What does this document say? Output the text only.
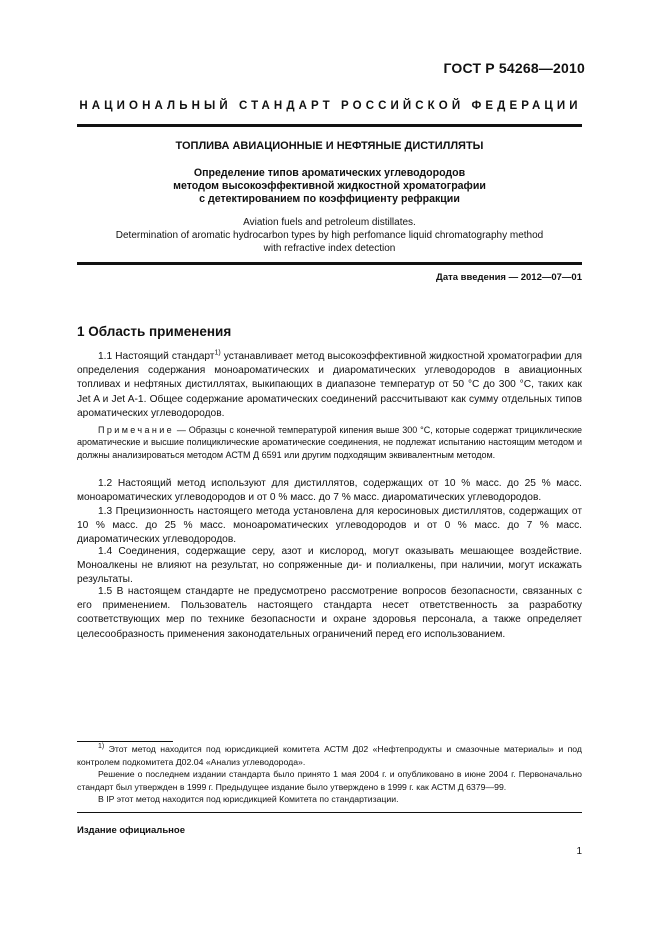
ГОСТ Р 54268—2010
НАЦИОНАЛЬНЫЙ СТАНДАРТ РОССИЙСКОЙ ФЕДЕРАЦИИ
ТОПЛИВА АВИАЦИОННЫЕ И НЕФТЯНЫЕ ДИСТИЛЛЯТЫ
Определение типов ароматических углеводородов
методом высокоэффективной жидкостной хроматографии
с детектированием по коэффициенту рефракции
Aviation fuels and petroleum distillates.
Determination of aromatic hydrocarbon types by high perfomance liquid chromatography method
with refractive index detection
Дата введения — 2012—07—01
1 Область применения

1.1 Настоящий стандарт$^{1)}$ устанавливает метод высокоэффективной жидкостной хроматографии для определения содержания моноароматических и диароматических углеводородов в авиационных топливах и нефтяных дистиллятах, выкипающих в диапазоне температур от 50 °С до 300 °С, таких как Jet A и Jet A-1. Общее содержание ароматических соединений рассчитывают как сумму отдельных типов ароматических углеводородов.

Примечание — Образцы с конечной температурой кипения выше 300 °С, которые содержат трициклические ароматические и высшие полициклические ароматические соединения, не подлежат испытанию настоящим методом и должны анализироваться методом АСТМ Д 6591 или другим подходящим эквивалентным методом.

1.2 Настоящий метод используют для дистиллятов, содержащих от 10 % масс. до 25 % масс. моноароматических углеводородов и от 0 % масс. до 7 % масс. диароматических углеводородов.

1.3 Прецизионность настоящего метода установлена для керосиновых дистиллятов, содержащих от 10 % масс. до 25 % масс. моноароматических углеводородов и от 0 % масс. до 7 % масс. диароматических углеводородов.

1.4 Соединения, содержащие серу, азот и кислород, могут оказывать мешающее воздействие. Моноалкены не влияют на результат, но сопряженные ди- и полиалкены, при наличии, могут искажать результаты.

1.5 В настоящем стандарте не предусмотрено рассмотрение вопросов безопасности, связанных с его применением. Пользователь настоящего стандарта несет ответственность за разработку соответствующих мер по технике безопасности и охране здоровья персонала, а также определяет целесообразность применения законодательных ограничений перед его использованием.

$^{1)}$ Этот метод находится под юрисдикцией комитета АСТМ Д02 «Нефтепродукты и смазочные материалы» и под контролем подкомитета Д02.04 «Анализ углеводорода».

Решение о последнем издании стандарта было принято 1 мая 2004 г. и опубликовано в июне 2004 г. Первоначально стандарт был утвержден в 1999 г. Предыдущее издание было утверждено в 1999 г. как АСТМ Д 6379—99.

В IP этот метод находится под юрисдикцией Комитета по стандартизации.

Издание официальное
1
